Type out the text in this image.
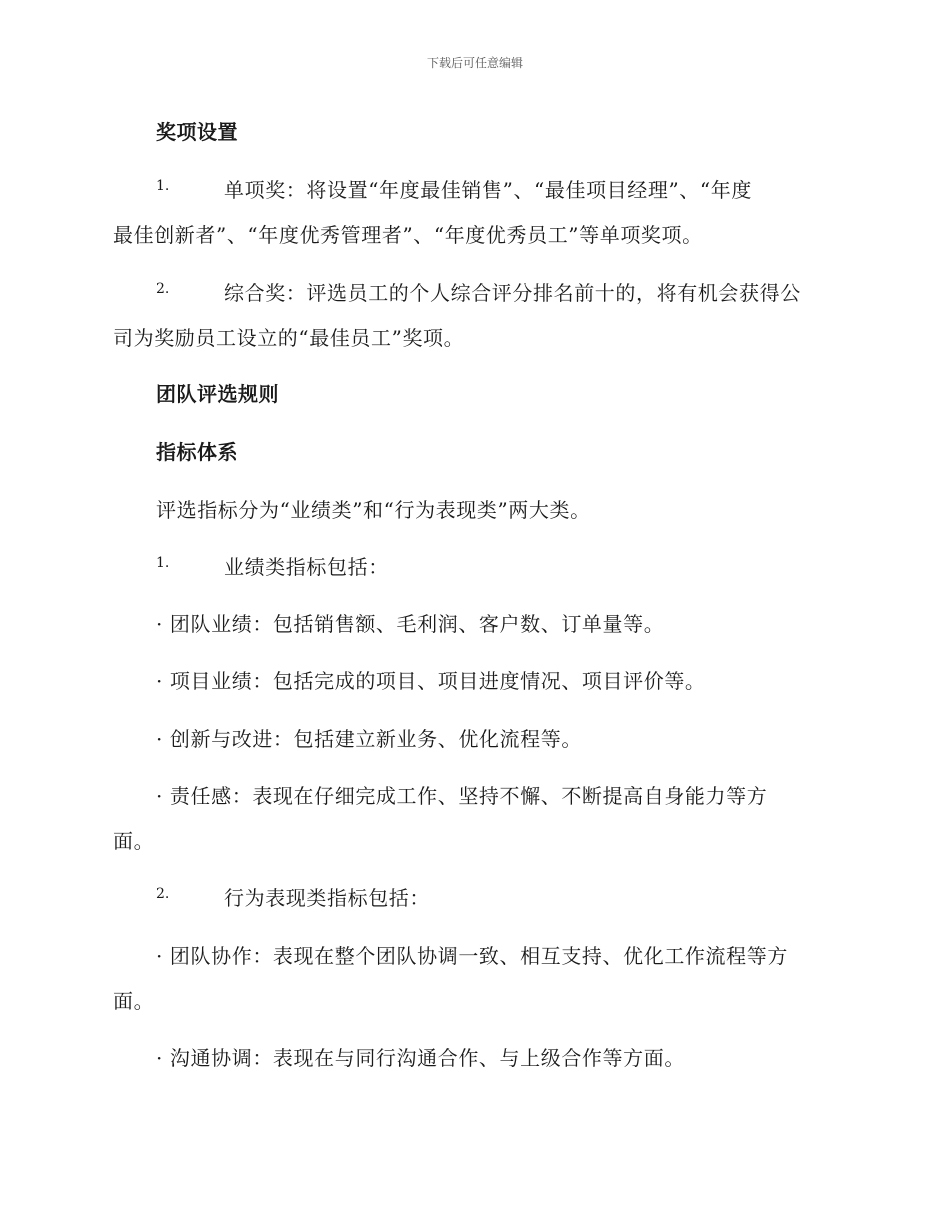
下载后可任意编辑
奖项设置
1.	单项奖：将设置“年度最佳销售”、“最佳项目经理”、“年度
最佳创新者”、“年度优秀管理者”、“年度优秀员工”等单项奖项。
2.	综合奖：评选员工的个人综合评分排名前十的，将有机会获得公
司为奖励员工设立的“最佳员工”奖项。
团队评选规则
指标体系
评选指标分为“业绩类”和“行为表现类”两大类。
1.	业绩类指标包括：
· 团队业绩：包括销售额、毛利润、客户数、订单量等。
· 项目业绩：包括完成的项目、项目进度情况、项目评价等。
· 创新与改进：包括建立新业务、优化流程等。
· 责任感：表现在仔细完成工作、坚持不懈、不断提高自身能力等方
面。
2.	行为表现类指标包括：
· 团队协作：表现在整个团队协调一致、相互支持、优化工作流程等方
面。
· 沟通协调：表现在与同行沟通合作、与上级合作等方面。
